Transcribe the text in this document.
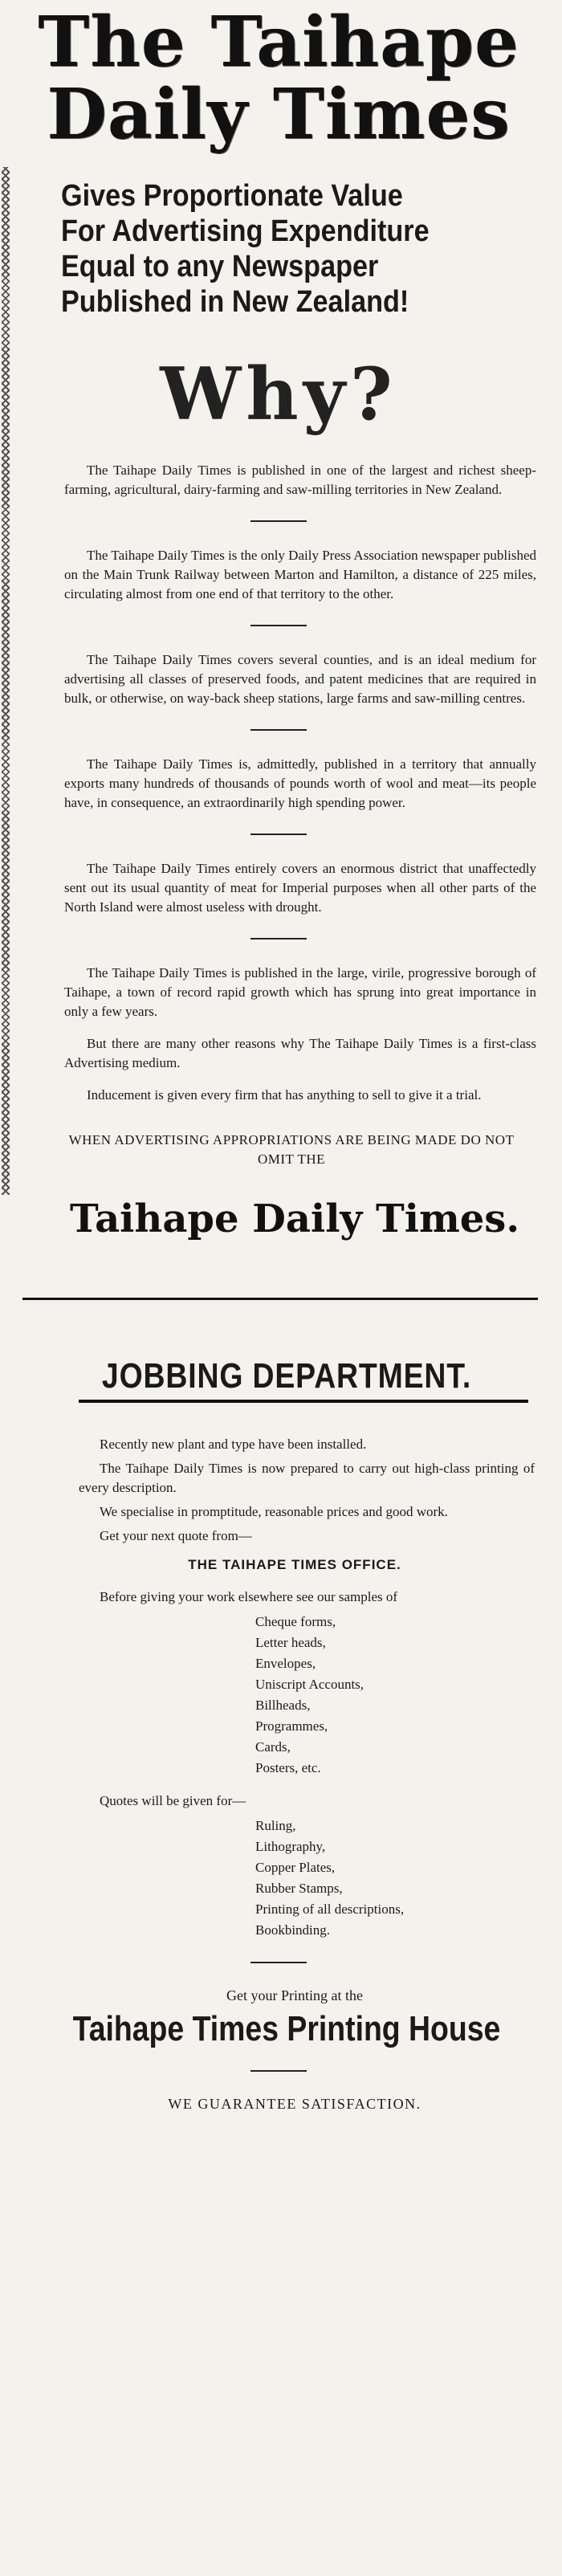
The Taihape
Daily Times
Gives Proportionate Value
For Advertising Expenditure
Equal to any Newspaper
Published in New Zealand!
Why?

The Taihape Daily Times is published in one of the largest and richest sheep-farming, agricultural, dairy-farming and saw-milling territories in New Zealand.

The Taihape Daily Times is the only Daily Press Association newspaper published on the Main Trunk Railway between Marton and Hamilton, a distance of 225 miles, circulating almost from one end of that territory to the other.

The Taihape Daily Times covers several counties, and is an ideal medium for advertising all classes of preserved foods, and patent medicines that are required in bulk, or otherwise, on way-back sheep stations, large farms and saw-milling centres.

The Taihape Daily Times is, admittedly, published in a territory that annually exports many hundreds of thousands of pounds worth of wool and meat—its people have, in consequence, an extraordinarily high spending power.

The Taihape Daily Times entirely covers an enormous district that unaffectedly sent out its usual quantity of meat for Imperial purposes when all other parts of the North Island were almost useless with drought.

The Taihape Daily Times is published in the large, virile, progressive borough of Taihape, a town of record rapid growth which has sprung into great importance in only a few years.

But there are many other reasons why The Taihape Daily Times is a first-class Advertising medium.

Inducement is given every firm that has anything to sell to give it a trial.

WHEN ADVERTISING APPROPRIATIONS ARE BEING MADE DO NOT OMIT THE
Taihape Daily Times.
JOBBING DEPARTMENT.

Recently new plant and type have been installed.

The Taihape Daily Times is now prepared to carry out high-class printing of every description.

We specialise in promptitude, reasonable prices and good work.

Get your next quote from—

THE TAIHAPE TIMES OFFICE.
Before giving your work elsewhere see our samples of
Cheque forms,
Letter heads,
Envelopes,
Uniscript Accounts,
Billheads,
Programmes,
Cards,
Posters, etc.
Quotes will be given for—
Ruling,
Lithography,
Copper Plates,
Rubber Stamps,
Printing of all descriptions,
Bookbinding.
Get your Printing at the
Taihape Times Printing House
WE GUARANTEE SATISFACTION.
